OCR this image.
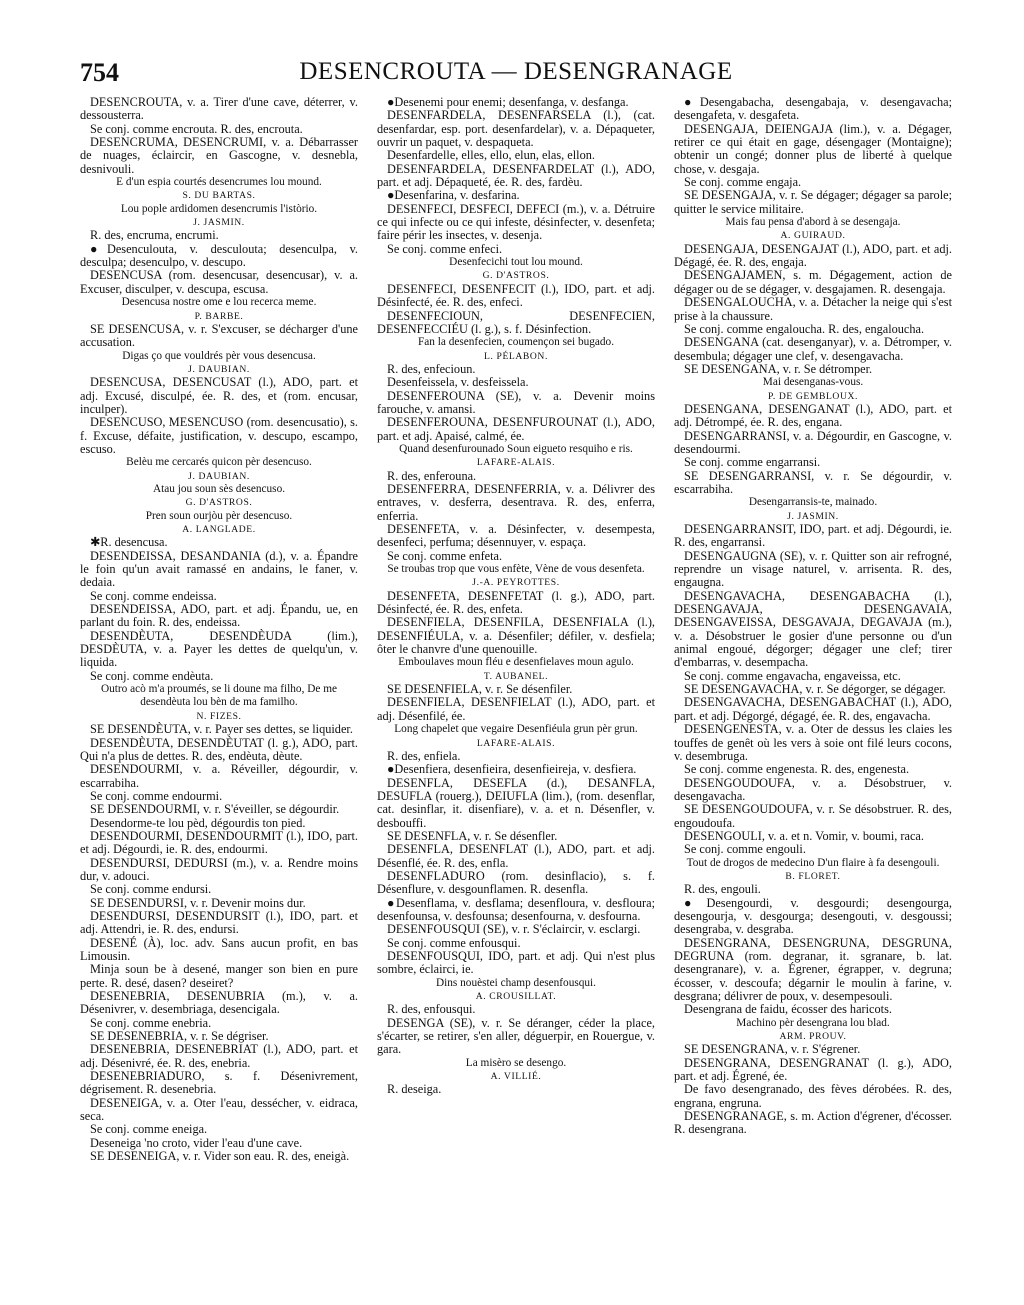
754	DESENCROUTA — DESENGRANAGE

DESENCROUTA, v. a. Tirer d'une cave, déterrer, v. dessousterra.

Se conj. comme encrouta. R. des, encrouta.

DESENCRUMA, DESENCRUMI, v. a. Débarrasser de nuages, éclaircir, en Gascogne, v. desnebla, desnivouli.

E d'un espia courtés desencrumes lou mound.

S. DU BARTAS.

Lou pople ardidomen desencrumis l'istòrio.

J. JASMIN.

R. des, encruma, encrumi.

●Desenculouta, v. desculouta; desenculpa, v. desculpa; desenculpo, v. descupo.

DESENCUSA (rom. desencusar, desencusar), v. a. Excuser, disculper, v. descupa, escusa.

Desencusa nostre ome e lou recerca meme.

P. BARBE.

SE DESENCUSA, v. r. S'excuser, se décharger d'une accusation.

Digas ço que vouldrés pèr vous desencusa.

J. DAUBIAN.

DESENCUSA, DESENCUSAT (l.), ADO, part. et adj. Excusé, disculpé, ée. R. des, et (rom. encusar, inculper).

DESENCUSO, MESENCUSO (rom. desencusatio), s. f. Excuse, défaite, justification, v. descupo, escampo, escuso.

Belèu me cercarés quicon pèr desencuso.

J. DAUBIAN.

Atau jou soun sès desencuso.

G. D'ASTROS.

Pren soun ourjòu pèr desencuso.

A. LANGLADE.

✱R. desencusa.

DESENDEISSA, DESANDANIA (d.), v. a. Épandre le foin qu'un avait ramassé en andains, le faner, v. dedaia.

Se conj. comme endeissa.

DESENDEISSA, ADO, part. et adj. Épandu, ue, en parlant du foin. R. des, endeissa.

DESENDÈUTA, DESENDÈUDA (lim.), DESDÈUTA, v. a. Payer les dettes de quelqu'un, v. liquida.

Se conj. comme endèuta.

Outro acò m'a proumés, se li doune ma filho, De me desendèuta lou bèn de ma familho.

N. FIZES.

SE DESENDÈUTA, v. r. Payer ses dettes, se liquider.

DESENDÈUTA, DESENDÈUTAT (l. g.), ADO, part. Qui n'a plus de dettes. R. des, endèuta, dèute.

DESENDOURMI, v. a. Réveiller, dégourdir, v. escarrabiha.

Se conj. comme endourmi.

SE DESENDOURMI, v. r. S'éveiller, se dégourdir.

Desendorme-te lou pèd, dégourdis ton pied.

DESENDOURMI, DESENDOURMIT (l.), IDO, part. et adj. Dégourdi, ie. R. des, endourmi.

DESENDURSI, DEDURSI (m.), v. a. Rendre moins dur, v. adouci.

Se conj. comme endursi.

SE DESENDURSI, v. r. Devenir moins dur.

DESENDURSI, DESENDURSIT (l.), IDO, part. et adj. Attendri, ie. R. des, endursi.

DESENÉ (À), loc. adv. Sans aucun profit, en bas Limousin.

Minja soun be à desené, manger son bien en pure perte. R. desé, dasen? deseiret?

DESENEBRIA, DESENUBRIA (m.), v. a. Désenivrer, v. desembriaga, desencigala.

Se conj. comme enebria.

SE DESENEBRIA, v. r. Se dégriser.

DESENEBRIA, DESENEBRIAT (l.), ADO, part. et adj. Désenivré, ée. R. des, enebria.

DESENEBRIADURO, s. f. Désenivrement, dégrisement. R. desenebria.

DESENEIGA, v. a. Oter l'eau, dessécher, v. eidraca, seca.

Se conj. comme eneiga.

Deseneiga 'no croto, vider l'eau d'une cave.

SE DESENEIGA, v. r. Vider son eau. R. des, eneigà.

●Desenemi pour enemi; desenfanga, v. desfanga.

DESENFARDELA, DESENFARSELA (l.), (cat. desenfardar, esp. port. desenfardelar), v. a. Dépaqueter, ouvrir un paquet, v. despaqueta.

Desenfardelle, elles, ello, elun, elas, ellon.

DESENFARDELA, DESENFARDELAT (l.), ADO, part. et adj. Dépaqueté, ée. R. des, fardèu.

●Desenfarina, v. desfarina.

DESENFECI, DESFECI, DEFECI (m.), v. a. Détruire ce qui infecte ou ce qui infeste, désinfecter, v. desenfeta; faire périr les insectes, v. desenja.

Se conj. comme enfeci.

Desenfecichi tout lou mound.

G. D'ASTROS.

DESENFECI, DESENFECIT (l.), IDO, part. et adj. Désinfecté, ée. R. des, enfeci.

DESENFECIOUN, DESENFECIEN, DESENFECCIÉU (l. g.), s. f. Désinfection.

Fan la desenfecien, coumençon sei bugado.

L. PÉLABON.

R. des, enfecioun.

Desenfeissela, v. desfeissela.

DESENFEROUNA (SE), v. a. Devenir moins farouche, v. amansi.

DESENFEROUNA, DESENFUROUNAT (l.), ADO, part. et adj. Apaisé, calmé, ée.

Quand desenfurounado Soun eigueto resquiho e ris.

LAFARE-ALAIS.

R. des, enferouna.

DESENFERRA, DESENFERRIA, v. a. Délivrer des entraves, v. desferra, desentrava. R. des, enferra, enferria.

DESENFETA, v. a. Désinfecter, v. desempesta, desenfeci, perfuma; désennuyer, v. espaça.

Se conj. comme enfeta.

Se troubas trop que vous enfète, Vène de vous desenfeta.

J.-A. PEYROTTES.

DESENFETA, DESENFETAT (l. g.), ADO, part. Désinfecté, ée. R. des, enfeta.

DESENFIELA, DESENFILA, DESENFIALA (l.), DESENFIÉULA, v. a. Désenfiler; défiler, v. desfiela; ôter le chanvre d'une quenouille.

Emboulaves moun fléu e desenfielaves moun agulo.

T. AUBANEL.

SE DESENFIELA, v. r. Se désenfiler.

DESENFIELA, DESENFIELAT (l.), ADO, part. et adj. Désenfilé, ée.

Long chapelet que vegaire Desenfiéula grun pèr grun.

LAFARE-ALAIS.

R. des, enfiela.

●Desenfiera, desenfieira, desenfieireja, v. desfiera.

DESENFLA, DESEFLA (d.), DESANFLA, DESUFLA (rouerg.), DEIUFLA (lim.), (rom. desenflar, cat. desinflar, it. disenfiare), v. a. et n. Désenfler, v. desbouffi.

SE DESENFLA, v. r. Se désenfler.

DESENFLA, DESENFLAT (l.), ADO, part. et adj. Désenflé, ée. R. des, enfla.

DESENFLADURO (rom. desinflacio), s. f. Désenflure, v. desgounflamen. R. desenfla.

●Desenflama, v. desflama; desenfloura, v. desfloura; desenfounsa, v. desfounsa; desenfourna, v. desfourna.

DESENFOUSQUI (SE), v. r. S'éclaircir, v. esclargi.

Se conj. comme enfousqui.

DESENFOUSQUI, IDO, part. et adj. Qui n'est plus sombre, éclairci, ie.

Dins nouèstei champ desenfousqui.

A. CROUSILLAT.

R. des, enfousqui.

DESENGA (SE), v. r. Se déranger, céder la place, s'écarter, se retirer, s'en aller, déguerpir, en Rouergue, v. gara.

La misèro se desengo.

A. VILLIÉ.

R. deseiga.

●Desengabacha, desengabaja, v. desengavacha; desengafeta, v. desgafeta.

DESENGAJA, DEIENGAJA (lim.), v. a. Dégager, retirer ce qui était en gage, désengager (Montaigne); obtenir un congé; donner plus de liberté à quelque chose, v. desgaja.

Se conj. comme engaja.

SE DESENGAJA, v. r. Se dégager; dégager sa parole; quitter le service militaire.

Mais fau pensa d'abord à se desengaja.

A. GUIRAUD.

DESENGAJA, DESENGAJAT (l.), ADO, part. et adj. Dégagé, ée. R. des, engaja.

DESENGAJAMEN, s. m. Dégagement, action de dégager ou de se dégager, v. desgajamen. R. desengaja.

DESENGALOUCHA, v. a. Détacher la neige qui s'est prise à la chaussure.

Se conj. comme engaloucha. R. des, engaloucha.

DESENGANA (cat. desenganyar), v. a. Détromper, v. desembula; dégager une clef, v. desengavacha.

SE DESENGANA, v. r. Se détromper.

Mai desenganas-vous.

P. DE GEMBLOUX.

DESENGANA, DESENGANAT (l.), ADO, part. et adj. Détrompé, ée. R. des, engana.

DESENGARRANSI, v. a. Dégourdir, en Gascogne, v. desendourmi.

Se conj. comme engarransi.

SE DESENGARRANSI, v. r. Se dégourdir, v. escarrabiha.

Desengarransis-te, mainado.

J. JASMIN.

DESENGARRANSIT, IDO, part. et adj. Dégourdi, ie. R. des, engarransi.

DESENGAUGNA (SE), v. r. Quitter son air refrogné, reprendre un visage naturel, v. arrisenta. R. des, engaugna.

DESENGAVACHA, DESENGABACHA (l.), DESENGAVAJA, DESENGAVAIA, DESENGAVEISSA, DESGAVAJA, DEGAVAJA (m.), v. a. Désobstruer le gosier d'une personne ou d'un animal engoué, dégorger; dégager une clef; tirer d'embarras, v. desempacha.

Se conj. comme engavacha, engaveissa, etc.

SE DESENGAVACHA, v. r. Se dégorger, se dégager.

DESENGAVACHA, DESENGABACHAT (l.), ADO, part. et adj. Dégorgé, dégagé, ée. R. des, engavacha.

DESENGENESTA, v. a. Oter de dessus les claies les touffes de genêt où les vers à soie ont filé leurs cocons, v. desembruga.

Se conj. comme engenesta. R. des, engenesta.

DESENGOUDOUFA, v. a. Désobstruer, v. desengavacha.

SE DESENGOUDOUFA, v. r. Se désobstruer. R. des, engoudoufa.

DESENGOULI, v. a. et n. Vomir, v. boumi, raca.

Se conj. comme engouli.

Tout de drogos de medecino D'un flaire à fa desengouli.

B. FLORET.

R. des, engouli.

●Desengourdi, v. desgourdi; desengourga, desengourja, v. desgourga; desengouti, v. desgoussi; desengraba, v. desgraba.

DESENGRANA, DESENGRUNA, DESGRUNA, DEGRUNA (rom. degranar, it. sgranare, b. lat. desengranare), v. a. Égrener, égrapper, v. degruna; écosser, v. descoufa; dégarnir le moulin à farine, v. desgrana; délivrer de poux, v. desempesouli.

Desengrana de faidu, écosser des haricots.

Machino pèr desengrana lou blad.

ARM. PROUV.

SE DESENGRANA, v. r. S'égrener.

DESENGRANA, DESENGRANAT (l. g.), ADO, part. et adj. Égrené, ée.

De favo desengranado, des fèves dérobées. R. des, engrana, engruna.

DESENGRANAGE, s. m. Action d'égrener, d'écosser. R. desengrana.
